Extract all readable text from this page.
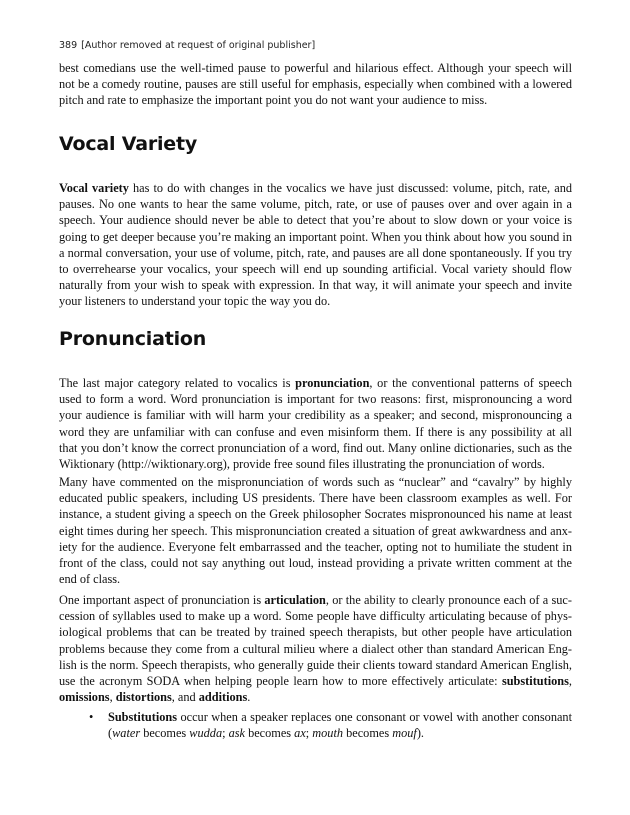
389 [Author removed at request of original publisher]

best comedians use the well-timed pause to powerful and hilarious effect. Although your speech will not be a comedy routine, pauses are still useful for emphasis, especially when combined with a lowered pitch and rate to emphasize the important point you do not want your audience to miss.

Vocal Variety

Vocal variety has to do with changes in the vocalics we have just discussed: volume, pitch, rate, and pauses. No one wants to hear the same volume, pitch, rate, or use of pauses over and over again in a speech. Your audience should never be able to detect that you’re about to slow down or your voice is going to get deeper because you’re making an important point. When you think about how you sound in a normal conversation, your use of volume, pitch, rate, and pauses are all done spontaneously. If you try to overrehearse your vocalics, your speech will end up sounding artificial. Vocal variety should flow naturally from your wish to speak with expression. In that way, it will animate your speech and invite your listeners to understand your topic the way you do.

Pronunciation

The last major category related to vocalics is pronunciation, or the conventional patterns of speech used to form a word. Word pronunciation is important for two reasons: first, mispronouncing a word your audience is familiar with will harm your credibility as a speaker; and second, mispronouncing a word they are unfamiliar with can confuse and even misinform them. If there is any possibility at all that you don’t know the correct pronunciation of a word, find out. Many online dictionaries, such as the Wiktionary (http://wiktionary.org), provide free sound files illustrating the pronunciation of words.

Many have commented on the mispronunciation of words such as “nuclear” and “cavalry” by highly educated public speakers, including US presidents. There have been classroom examples as well. For instance, a student giving a speech on the Greek philosopher Socrates mispronounced his name at least eight times during her speech. This mispronunciation created a situation of great awkwardness and anxiety for the audience. Everyone felt embarrassed and the teacher, opting not to humiliate the student in front of the class, could not say anything out loud, instead providing a private written comment at the end of class.

One important aspect of pronunciation is articulation, or the ability to clearly pronounce each of a succession of syllables used to make up a word. Some people have difficulty articulating because of physiological problems that can be treated by trained speech therapists, but other people have articulation problems because they come from a cultural milieu where a dialect other than standard American English is the norm. Speech therapists, who generally guide their clients toward standard American English, use the acronym SODA when helping people learn how to more effectively articulate: substitutions, omissions, distortions, and additions.

• Substitutions occur when a speaker replaces one consonant or vowel with another consonant (water becomes wudda; ask becomes ax; mouth becomes mouf).
